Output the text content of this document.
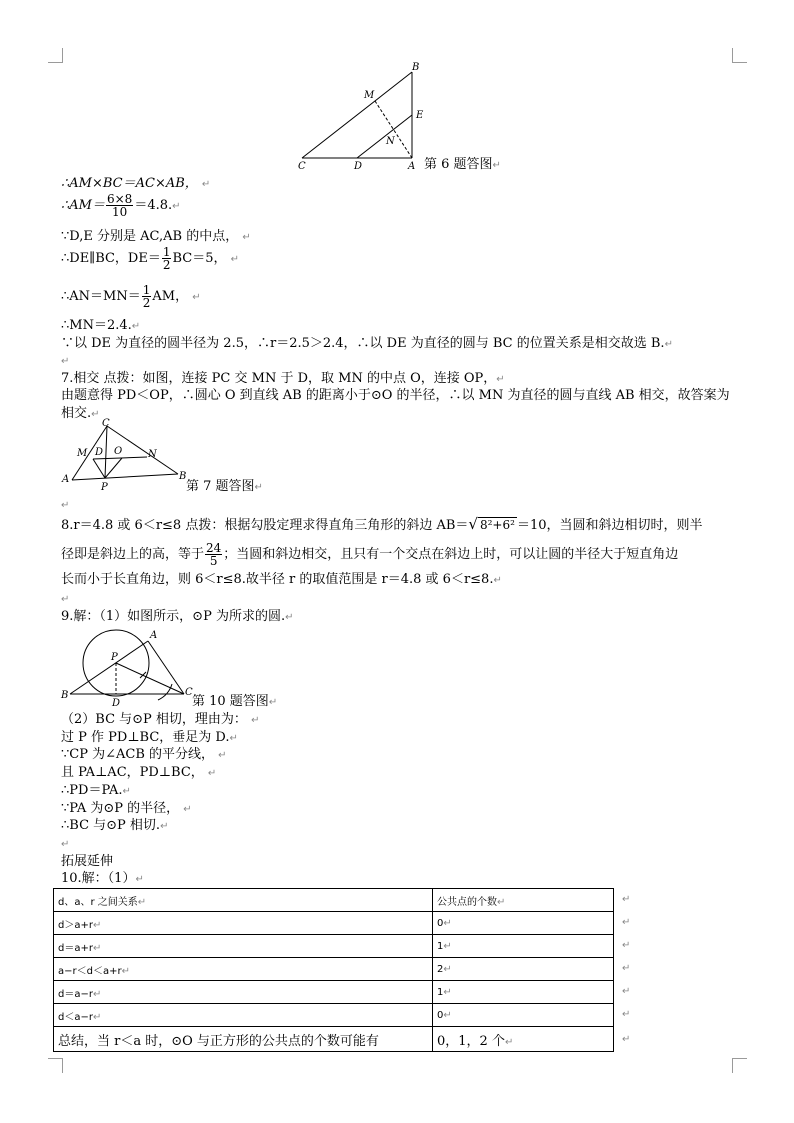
B
M
E
N
C	D	A 第 6 题答图↵
∴AM×BC＝AC×AB， ↵
∴AM＝ $\frac{6\times 8}{10}$ ＝4.8.↵
∵D,E 分别是 AC,AB 的中点， ↵
∴DE∥BC，$DE= \frac{1}{2} BC=5$， ↵
∴AN＝MN＝ $\frac{1}{2}$ AM， ↵
∴MN＝2.4.↵
∵以 DE 为直径的圆半径为 2.5，∴r＝2.5＞2.4，∴以 DE 为直径的圆与 BC 的位置关系是相交故选 B.↵
↵
7.相交 点拨：如图，连接 PC 交 MN 于 D，取 MN 的中点 O，连接 OP，↵
由题意得 PD＜OP，∴圆心 O 到直线 AB 的距离小于⊙O 的半径，∴以 MN 为直径的圆与直线 AB 相交，故答案为相交.↵
C
M D O	N
A
P
B
第 7 题答图↵
↵
8.r＝4.8 或 6＜r≤8 点拨：根据勾股定理求得直角三角形的斜边 AB＝√ 8²+6² ＝10，当圆和斜边相切时，则半
径即是斜边上的高，等于 $\frac{24}{5}$ ；当圆和斜边相交，且只有一个交点在斜边上时，可以让圆的半径大于短直角边
长而小于长直角边，则 6＜r≤8.故半径 r 的取值范围是 r＝4.8 或 6＜r≤8.↵
↵
9.解：（1）如图所示，⊙P 为所求的圆.↵
A
P
B
D
C
第 10 题答图↵
（2）BC 与⊙P 相切，理由为： ↵
过 P 作 PD⊥BC，垂足为 D.↵
∵CP 为∠ACB 的平分线， ↵
且 PA⊥AC，PD⊥BC， ↵
∴PD＝PA.↵
∵PA 为⊙P 的半径， ↵
∴BC 与⊙P 相切.↵
↵
拓展延伸
10.解：（1）↵
d、a、r 之间关系↵	公共点的个数↵
d＞a+r↵	0↵
d＝a+r↵	1↵
a−r＜d＜a+r↵	2↵
d＝a−r↵	1↵
d＜a−r↵	0↵
总结，当 r＜a 时，⊙O 与正方形的公共点的个数可能有	0，1，2 个↵
↵
↵
↵
↵
↵
↵
↵
